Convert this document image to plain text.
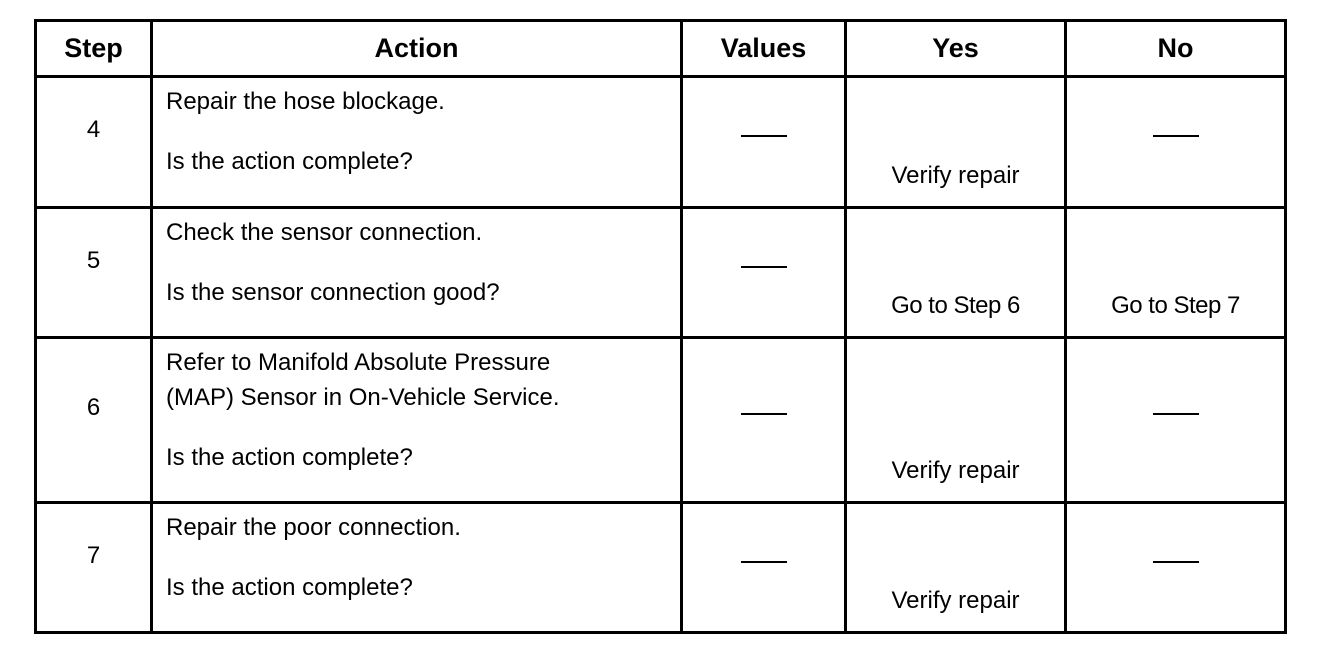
Step	Action	Values	Yes	No

4	Repair the hose blockage.
Is the action complete?		Verify repair	

5	Check the sensor connection.
Is the sensor connection good?		Go to Step 6	Go to Step 7

6	Refer to Manifold Absolute Pressure
(MAP) Sensor in On-Vehicle Service.
Is the action complete?		Verify repair	

7	Repair the poor connection.
Is the action complete?		Verify repair	
